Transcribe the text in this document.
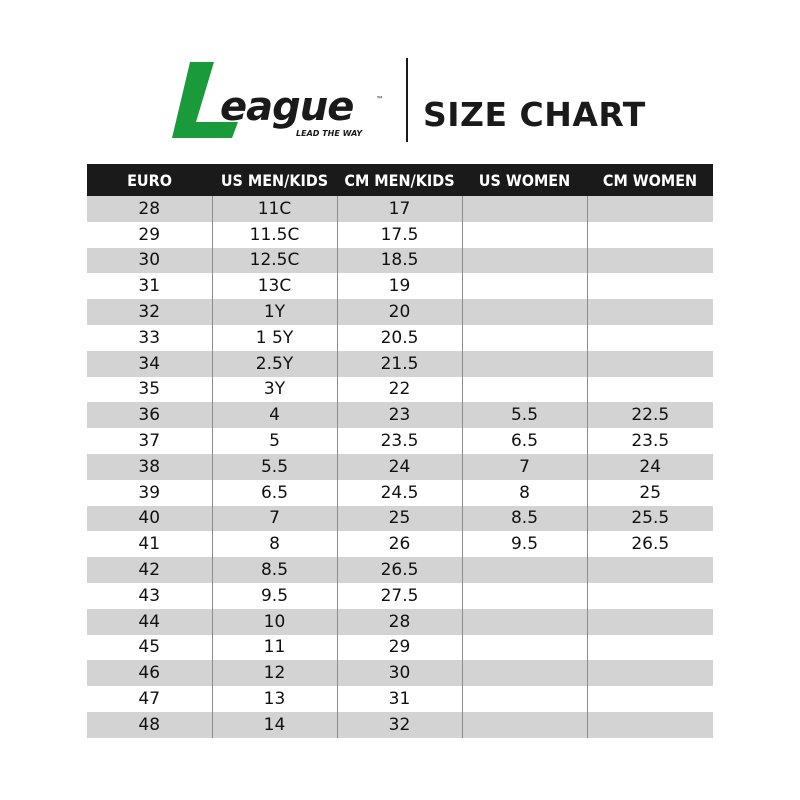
eague	™
LEAD THE WAY SIZE CHART
EURO	US MEN/KIDS	CM MEN/KIDS	US WOMEN	CM WOMEN
28	11C	17		
29	11.5C	17.5		
30	12.5C	18.5		
31	13C	19		
32	1Y	20		
33	1 5Y	20.5		
34	2.5Y	21.5		
35	3Y	22		
36	4	23	5.5	22.5
37	5	23.5	6.5	23.5
38	5.5	24	7	24
39	6.5	24.5	8	25
40	7	25	8.5	25.5
41	8	26	9.5	26.5
42	8.5	26.5		
43	9.5	27.5		
44	10	28		
45	11	29		
46	12	30		
47	13	31		
48	14	32		
